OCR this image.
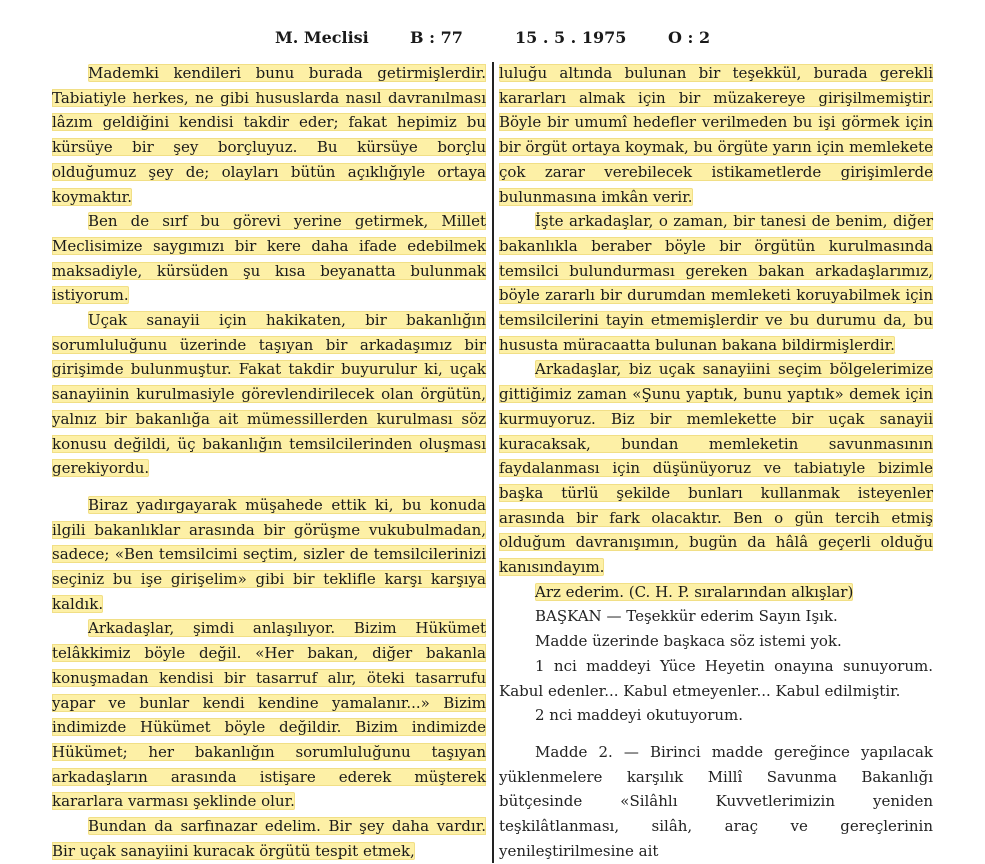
M. Meclisi	B : 77	15 . 5 . 1975	O : 2

Mademki kendileri bunu burada getirmişlerdir. Tabiatiyle herkes, ne gibi hususlarda nasıl davranılması lâzım geldiğini kendisi takdir eder; fakat hepimiz bu kürsüye bir şey borçluyuz. Bu kürsüye borçlu olduğumuz şey de; olayları bütün açıklığıyle ortaya koymaktır.

Ben de sırf bu görevi yerine getirmek, Millet Meclisimize saygımızı bir kere daha ifade edebilmek maksadiyle, kürsüden şu kısa beyanatta bulunmak istiyorum.

Uçak sanayii için hakikaten, bir bakanlığın sorumluluğunu üzerinde taşıyan bir arkadaşımız bir girişimde bulunmuştur. Fakat takdir buyurulur ki, uçak sanayiinin kurulmasiyle görevlendirilecek olan örgütün, yalnız bir bakanlığa ait mümessillerden kurulması söz konusu değildi, üç bakanlığın temsilcilerinden oluşması gerekiyordu.

Biraz yadırgayarak müşahede ettik ki, bu konuda ilgili bakanlıklar arasında bir görüşme vukubulmadan, sadece; «Ben temsilcimi seçtim, sizler de temsilcilerinizi seçiniz bu işe girişelim» gibi bir teklifle karşı karşıya kaldık.

Arkadaşlar, şimdi anlaşılıyor. Bizim Hükümet telâkkimiz böyle değil. «Her bakan, diğer bakanla konuşmadan kendisi bir tasarruf alır, öteki tasarrufu yapar ve bunlar kendi kendine yamalanır...» Bizim indimizde Hükümet böyle değildir. Bizim indimizde Hükümet; her bakanlığın sorumluluğunu taşıyan arkadaşların arasında istişare ederek müşterek kararlara varması şeklinde olur.

Bundan da sarfınazar edelim. Bir şey daha vardır. Bir uçak sanayiini kuracak örgütü tespit etmek,

luluğu altında bulunan bir teşekkül, burada gerekli kararları almak için bir müzakereye girişilmemiştir. Böyle bir umumî hedefler verilmeden bu işi görmek için bir örgüt ortaya koymak, bu örgüte yarın için memlekete çok zarar verebilecek istikametlerde girişimlerde bulunmasına imkân verir.

İşte arkadaşlar, o zaman, bir tanesi de benim, diğer bakanlıkla beraber böyle bir örgütün kurulmasında temsilci bulundurması gereken bakan arkadaşlarımız, böyle zararlı bir durumdan memleketi koruyabilmek için temsilcilerini tayin etmemişlerdir ve bu durumu da, bu hususta müracaatta bulunan bakana bildirmişlerdir.

Arkadaşlar, biz uçak sanayiini seçim bölgelerimize gittiğimiz zaman «Şunu yaptık, bunu yaptık» demek için kurmuyoruz. Biz bir memlekette bir uçak sanayii kuracaksak, bundan memleketin savunmasının faydalanması için düşünüyoruz ve tabiatıyle bizimle başka türlü şekilde bunları kullanmak isteyenler arasında bir fark olacaktır. Ben o gün tercih etmiş olduğum davranışımın, bugün da hâlâ geçerli olduğu kanısındayım.

Arz ederim. (C. H. P. sıralarından alkışlar)

BAŞKAN — Teşekkür ederim Sayın Işık.

Madde üzerinde başkaca söz istemi yok.

1 nci maddeyi Yüce Heyetin onayına sunuyorum. Kabul edenler... Kabul etmeyenler... Kabul edilmiştir.

2 nci maddeyi okutuyorum.

Madde 2. — Birinci madde gereğince yapılacak yüklenmelere karşılık Millî Savunma Bakanlığı bütçesinde «Silâhlı Kuvvetlerimizin yeniden teşkilâtlanması, silâh, araç ve gereçlerinin yenileştirilmesine ait
